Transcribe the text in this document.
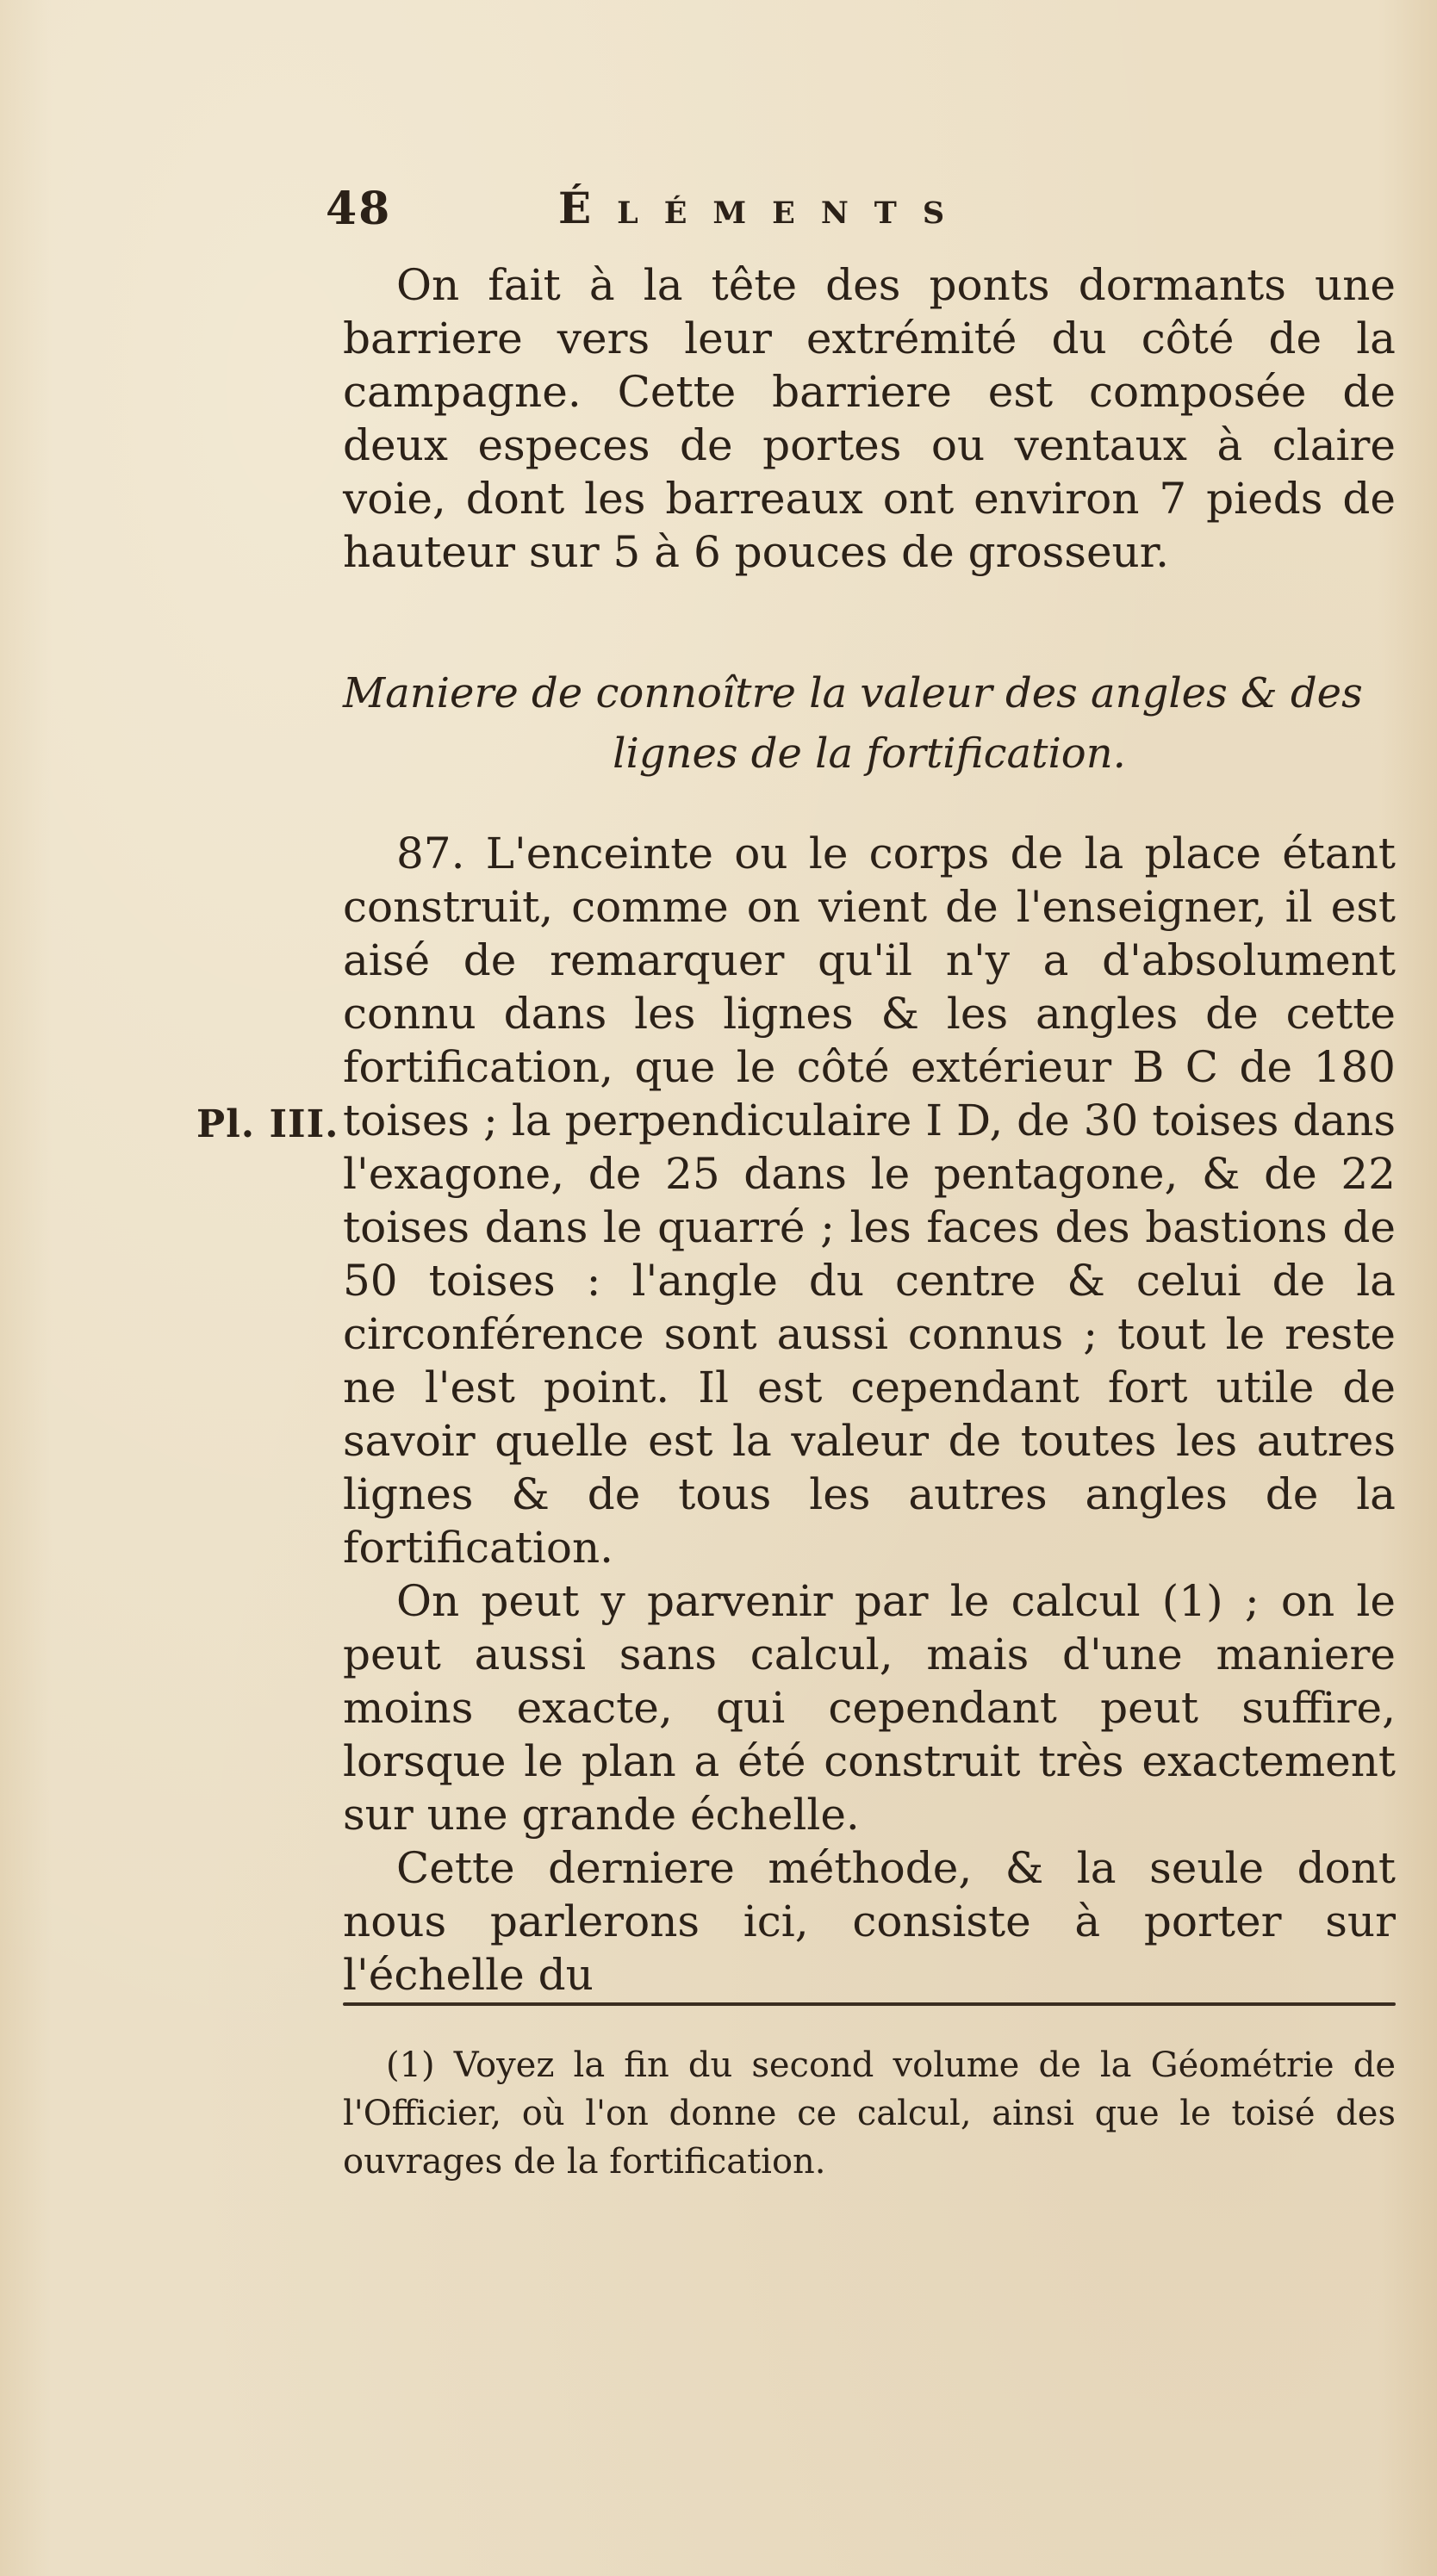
48	Éléments

On fait à la tête des ponts dormants une barriere vers leur extrémité du côté de la campagne. Cette barriere est composée de deux especes de portes ou ventaux à claire voie, dont les barreaux ont environ 7 pieds de hauteur sur 5 à 6 pouces de grosseur.

Maniere de connoître la valeur des angles & des
lignes de la fortification.
Pl. III.

87. L'enceinte ou le corps de la place étant construit, comme on vient de l'enseigner, il est aisé de remarquer qu'il n'y a d'absolument connu dans les lignes & les angles de cette fortification, que le côté extérieur B C de 180 toises ; la perpendiculaire I D, de 30 toises dans l'exagone, de 25 dans le pentagone, & de 22 toises dans le quarré ; les faces des bastions de 50 toises : l'angle du centre & celui de la circonférence sont aussi connus ; tout le reste ne l'est point. Il est cependant fort utile de savoir quelle est la valeur de toutes les autres lignes & de tous les autres angles de la fortification.

On peut y parvenir par le calcul (1) ; on le peut aussi sans calcul, mais d'une maniere moins exacte, qui cependant peut suffire, lorsque le plan a été construit très exactement sur une grande échelle.

Cette derniere méthode, & la seule dont nous parlerons ici, consiste à porter sur l'échelle du

(1) Voyez la fin du second volume de la Géométrie de l'Officier, où l'on donne ce calcul, ainsi que le toisé des ouvrages de la fortification.
